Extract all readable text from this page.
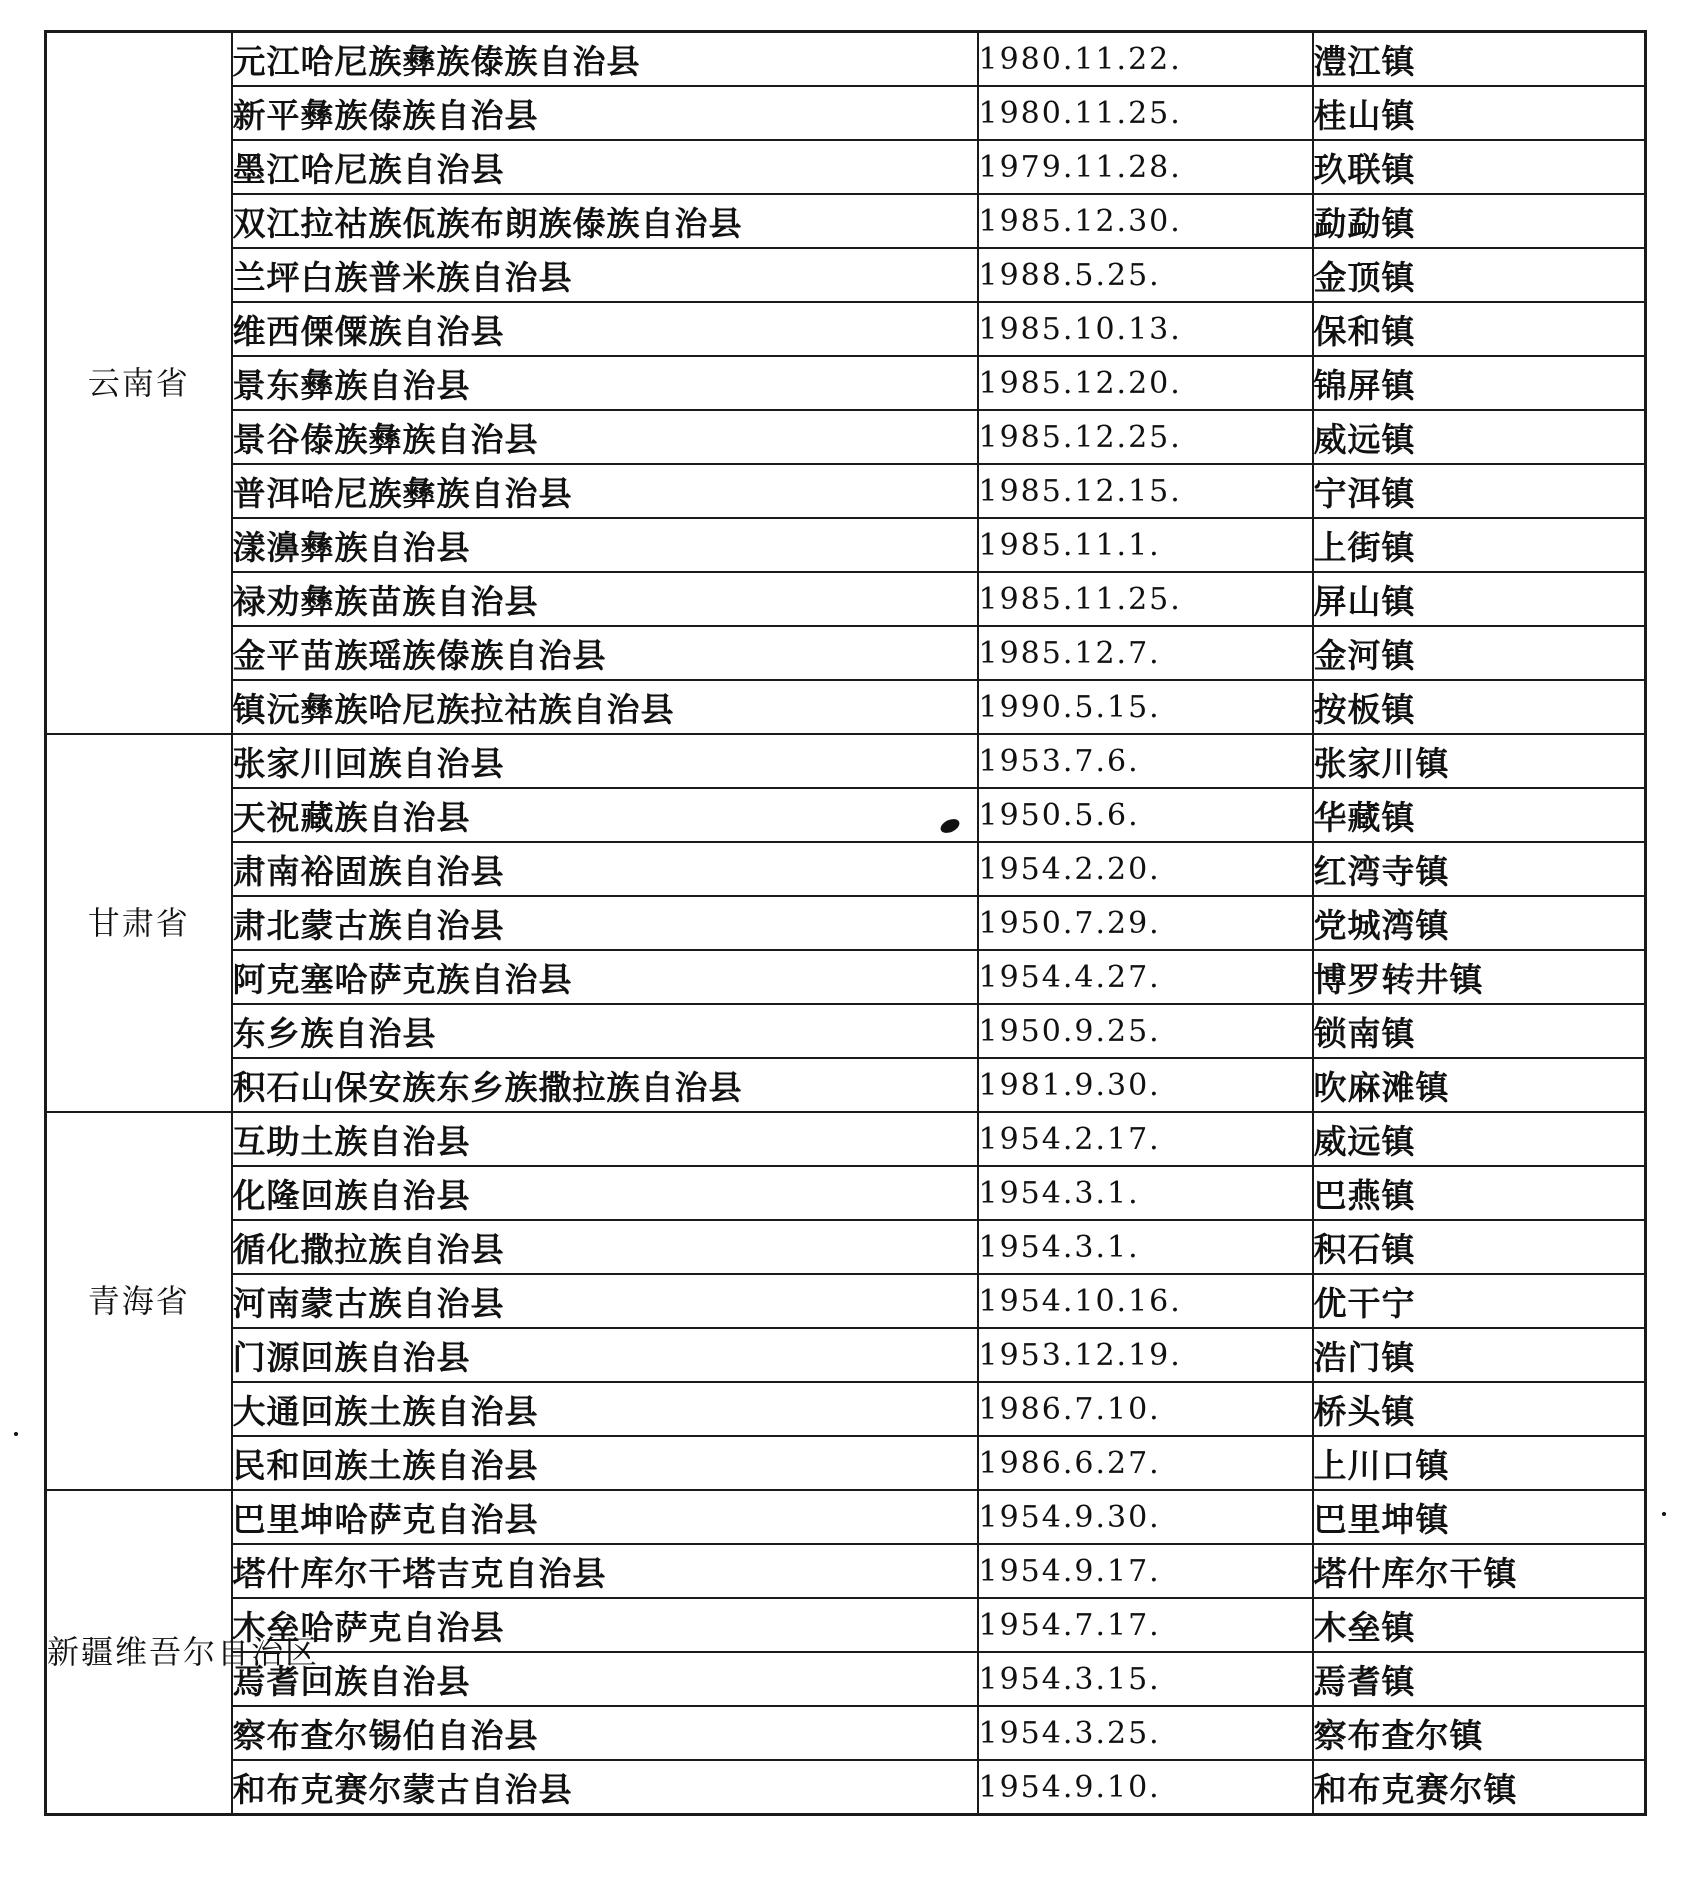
云南省	元江哈尼族彝族傣族自治县	1980.11.22.	澧江镇
	新平彝族傣族自治县	1980.11.25.	桂山镇
	墨江哈尼族自治县	1979.11.28.	玖联镇
	双江拉祜族佤族布朗族傣族自治县	1985.12.30.	勐勐镇
	兰坪白族普米族自治县	1988.5.25.	金顶镇
	维西傈僳族自治县	1985.10.13.	保和镇
	景东彝族自治县	1985.12.20.	锦屏镇
	景谷傣族彝族自治县	1985.12.25.	威远镇
	普洱哈尼族彝族自治县	1985.12.15.	宁洱镇
	漾濞彝族自治县	1985.11.1.	上街镇
	禄劝彝族苗族自治县	1985.11.25.	屏山镇
	金平苗族瑶族傣族自治县	1985.12.7.	金河镇
	镇沅彝族哈尼族拉祜族自治县	1990.5.15.	按板镇
甘肃省	张家川回族自治县	1953.7.6.	张家川镇
	天祝藏族自治县	1950.5.6.	华藏镇
	肃南裕固族自治县	1954.2.20.	红湾寺镇
	肃北蒙古族自治县	1950.7.29.	党城湾镇
	阿克塞哈萨克族自治县	1954.4.27.	博罗转井镇
	东乡族自治县	1950.9.25.	锁南镇
	积石山保安族东乡族撒拉族自治县	1981.9.30.	吹麻滩镇
青海省	互助土族自治县	1954.2.17.	威远镇
	化隆回族自治县	1954.3.1.	巴燕镇
	循化撒拉族自治县	1954.3.1.	积石镇
	河南蒙古族自治县	1954.10.16.	优干宁
	门源回族自治县	1953.12.19.	浩门镇
	大通回族土族自治县	1986.7.10.	桥头镇
	民和回族土族自治县	1986.6.27.	上川口镇
新疆维吾尔自治区	巴里坤哈萨克自治县	1954.9.30.	巴里坤镇
	塔什库尔干塔吉克自治县	1954.9.17.	塔什库尔干镇
	木垒哈萨克自治县	1954.7.17.	木垒镇
	焉耆回族自治县	1954.3.15.	焉耆镇
	察布查尔锡伯自治县	1954.3.25.	察布查尔镇
	和布克赛尔蒙古自治县	1954.9.10.	和布克赛尔镇
